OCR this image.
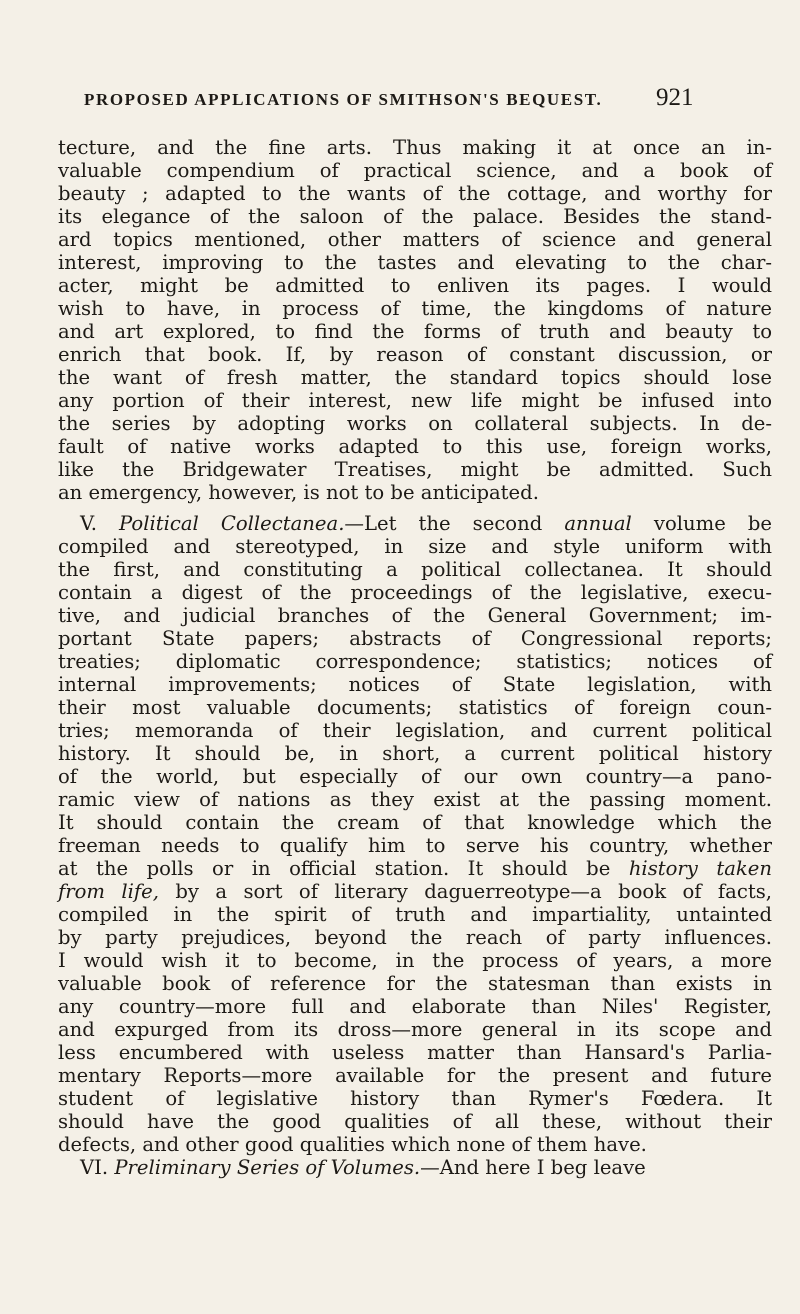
PROPOSED APPLICATIONS OF SMITHSON'S BEQUEST. 921
tecture, and the fine arts. Thus making it at once an in-
valuable compendium of practical science, and a book of
beauty ; adapted to the wants of the cottage, and worthy for
its elegance of the saloon of the palace. Besides the stand-
ard topics mentioned, other matters of science and general
interest, improving to the tastes and elevating to the char-
acter, might be admitted to enliven its pages. I would
wish to have, in process of time, the kingdoms of nature
and art explored, to find the forms of truth and beauty to
enrich that book. If, by reason of constant discussion, or
the want of fresh matter, the standard topics should lose
any portion of their interest, new life might be infused into
the series by adopting works on collateral subjects. In de-
fault of native works adapted to this use, foreign works,
like the Bridgewater Treatises, might be admitted. Such
an emergency, however, is not to be anticipated.
V. Political Collectanea.—Let the second annual volume be
compiled and stereotyped, in size and style uniform with
the first, and constituting a political collectanea. It should
contain a digest of the proceedings of the legislative, execu-
tive, and judicial branches of the General Government; im-
portant State papers; abstracts of Congressional reports;
treaties; diplomatic correspondence; statistics; notices of
internal improvements; notices of State legislation, with
their most valuable documents; statistics of foreign coun-
tries; memoranda of their legislation, and current political
history. It should be, in short, a current political history
of the world, but especially of our own country—a pano-
ramic view of nations as they exist at the passing moment.
It should contain the cream of that knowledge which the
freeman needs to qualify him to serve his country, whether
at the polls or in official station. It should be history taken
from life, by a sort of literary daguerreotype—a book of facts,
compiled in the spirit of truth and impartiality, untainted
by party prejudices, beyond the reach of party influences.
I would wish it to become, in the process of years, a more
valuable book of reference for the statesman than exists in
any country—more full and elaborate than Niles' Register,
and expurged from its dross—more general in its scope and
less encumbered with useless matter than Hansard's Parlia-
mentary Reports—more available for the present and future
student of legislative history than Rymer's Fœdera. It
should have the good qualities of all these, without their
defects, and other good qualities which none of them have.
VI. Preliminary Series of Volumes.—And here I beg leave
